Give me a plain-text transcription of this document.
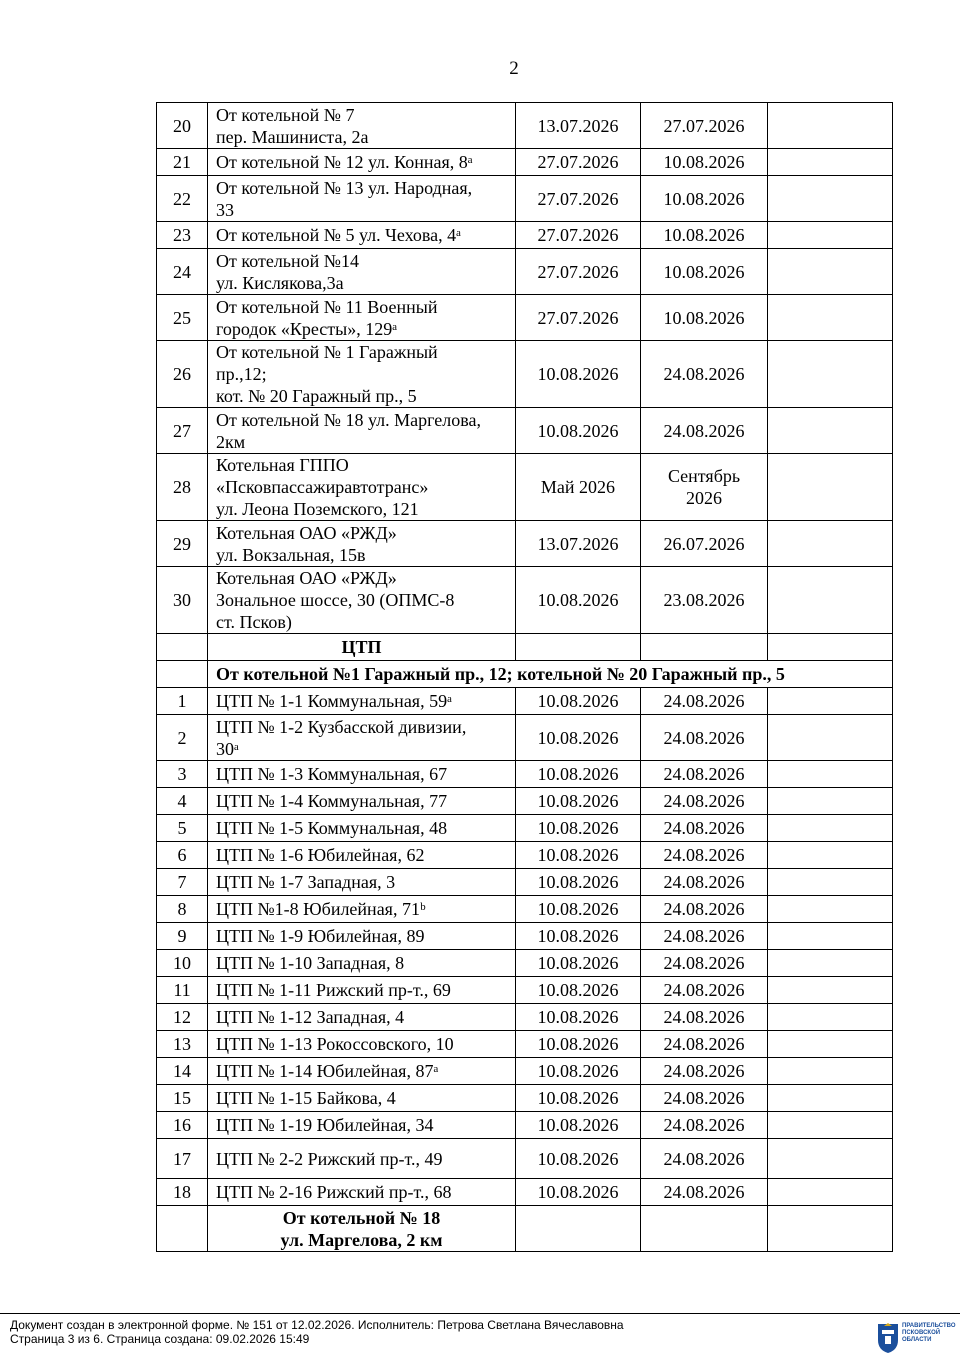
2
20	От котельной № 7
пер. Машиниста, 2а	13.07.2026	27.07.2026	
21	От котельной № 12 ул. Конная, 8ᵃ	27.07.2026	10.08.2026	
22	От котельной № 13 ул. Народная,
33	27.07.2026	10.08.2026	
23	От котельной № 5 ул. Чехова, 4ᵃ	27.07.2026	10.08.2026	
24	От котельной №14
ул. Кислякова,3а	27.07.2026	10.08.2026	
25	От котельной № 11 Военный
городок «Кресты», 129ᵃ	27.07.2026	10.08.2026	
26	От котельной № 1 Гаражный
пр.,12;
кот. № 20 Гаражный пр., 5	10.08.2026	24.08.2026	
27	От котельной № 18 ул. Маргелова,
2км	10.08.2026	24.08.2026	
28	Котельная ГППО
«Псковпассажиравтотранс»
ул. Леона Поземского, 121	Май 2026	Сентябрь
2026	
29	Котельная ОАО «РЖД»
ул. Вокзальная, 15в	13.07.2026	26.07.2026	
30	Котельная ОАО «РЖД»
Зональное шоссе, 30 (ОПМС-8
ст. Псков)	10.08.2026	23.08.2026	
	ЦТП			
	От котельной №1 Гаражный пр., 12; котельной № 20 Гаражный пр., 5			
1	ЦТП № 1-1 Коммунальная, 59ᵃ	10.08.2026	24.08.2026	
2	ЦТП № 1-2 Кузбасской дивизии,
30ᵃ	10.08.2026	24.08.2026	
3	ЦТП № 1-3 Коммунальная, 67	10.08.2026	24.08.2026	
4	ЦТП № 1-4 Коммунальная, 77	10.08.2026	24.08.2026	
5	ЦТП № 1-5 Коммунальная, 48	10.08.2026	24.08.2026	
6	ЦТП № 1-6 Юбилейная, 62	10.08.2026	24.08.2026	
7	ЦТП № 1-7 Западная, 3	10.08.2026	24.08.2026	
8	ЦТП №1-8 Юбилейная, 71ᵇ	10.08.2026	24.08.2026	
9	ЦТП № 1-9 Юбилейная, 89	10.08.2026	24.08.2026	
10	ЦТП № 1-10 Западная, 8	10.08.2026	24.08.2026	
11	ЦТП № 1-11 Рижский пр-т., 69	10.08.2026	24.08.2026	
12	ЦТП № 1-12 Западная, 4	10.08.2026	24.08.2026	
13	ЦТП № 1-13 Рокоссовского, 10	10.08.2026	24.08.2026	
14	ЦТП № 1-14 Юбилейная, 87ᵃ	10.08.2026	24.08.2026	
15	ЦТП № 1-15 Байкова, 4	10.08.2026	24.08.2026	
16	ЦТП № 1-19 Юбилейная, 34	10.08.2026	24.08.2026	
17	ЦТП № 2-2 Рижский пр-т., 49	10.08.2026	24.08.2026	
18	ЦТП № 2-16 Рижский пр-т., 68	10.08.2026	24.08.2026	
	От котельной № 18
ул. Маргелова, 2 км			
Документ создан в электронной форме. № 151 от 12.02.2026. Исполнитель: Петрова Светлана Вячеславовна
Страница 3 из 6. Страница создана: 09.02.2026 15:49
ПРАВИТЕЛЬСТВО ПСКОВСКОЙ ОБЛАСТИ
